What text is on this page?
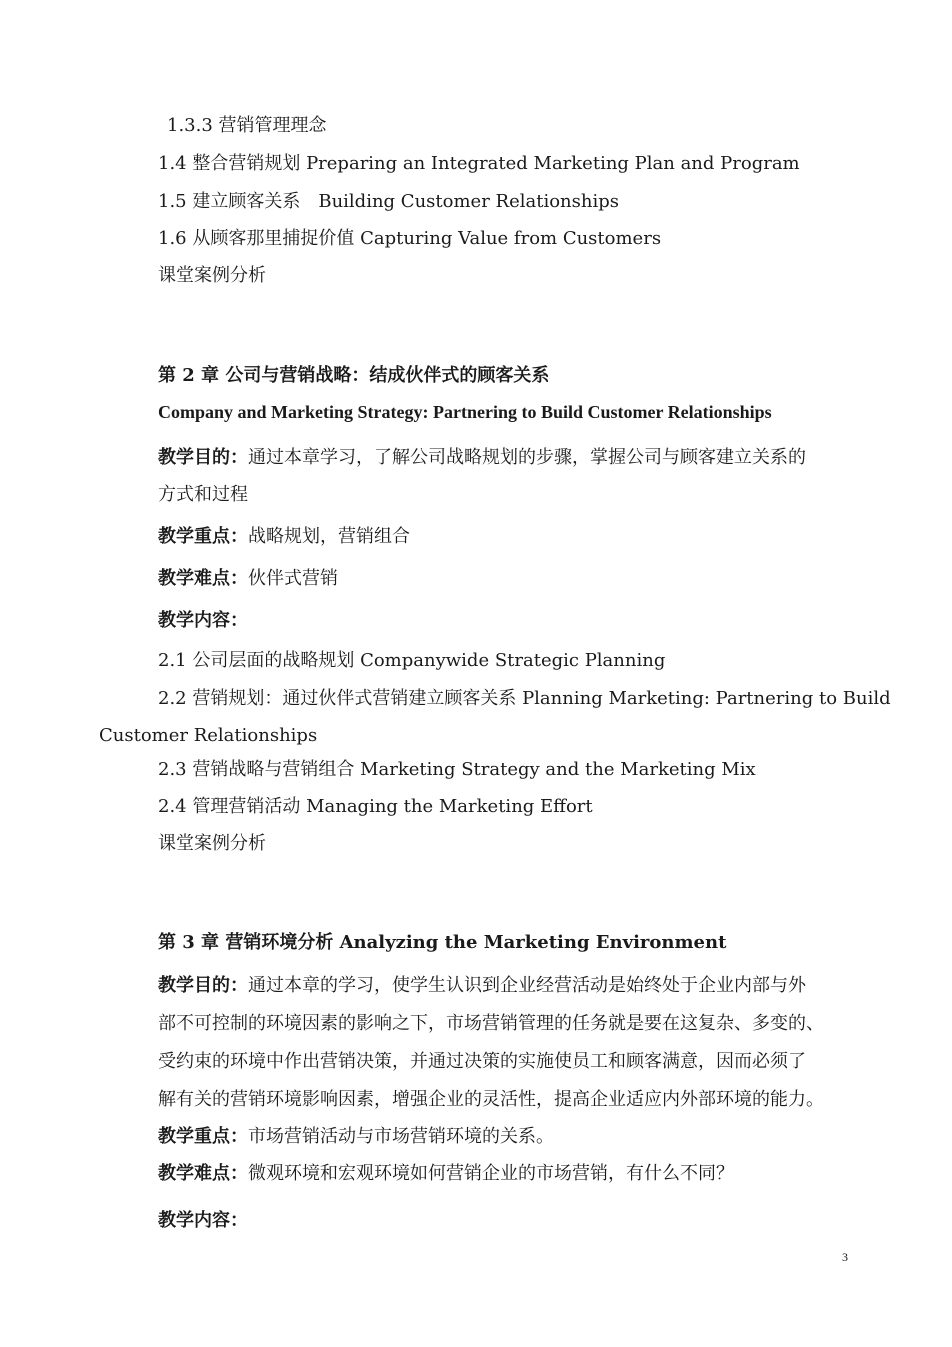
1.3.3 营销管理理念
1.4 整合营销规划 Preparing an Integrated Marketing Plan and Program
1.5 建立顾客关系　Building Customer Relationships
1.6 从顾客那里捕捉价值 Capturing Value from Customers
课堂案例分析
第 2 章 公司与营销战略：结成伙伴式的顾客关系
Company and Marketing Strategy: Partnering to Build Customer Relationships
教学目的：通过本章学习，了解公司战略规划的步骤，掌握公司与顾客建立关系的
方式和过程
教学重点：战略规划，营销组合
教学难点：伙伴式营销
教学内容：
2.1 公司层面的战略规划 Companywide Strategic Planning
2.2 营销规划：通过伙伴式营销建立顾客关系 Planning Marketing: Partnering to Build
Customer Relationships
2.3 营销战略与营销组合 Marketing Strategy and the Marketing Mix
2.4 管理营销活动 Managing the Marketing Effort
课堂案例分析
第 3 章 营销环境分析 Analyzing the Marketing Environment
教学目的：通过本章的学习，使学生认识到企业经营活动是始终处于企业内部与外
部不可控制的环境因素的影响之下，市场营销管理的任务就是要在这复杂、多变的、
受约束的环境中作出营销决策，并通过决策的实施使员工和顾客满意，因而必须了
解有关的营销环境影响因素，增强企业的灵活性，提高企业适应内外部环境的能力。
教学重点：市场营销活动与市场营销环境的关系。
教学难点：微观环境和宏观环境如何营销企业的市场营销，有什么不同？
教学内容：
3
